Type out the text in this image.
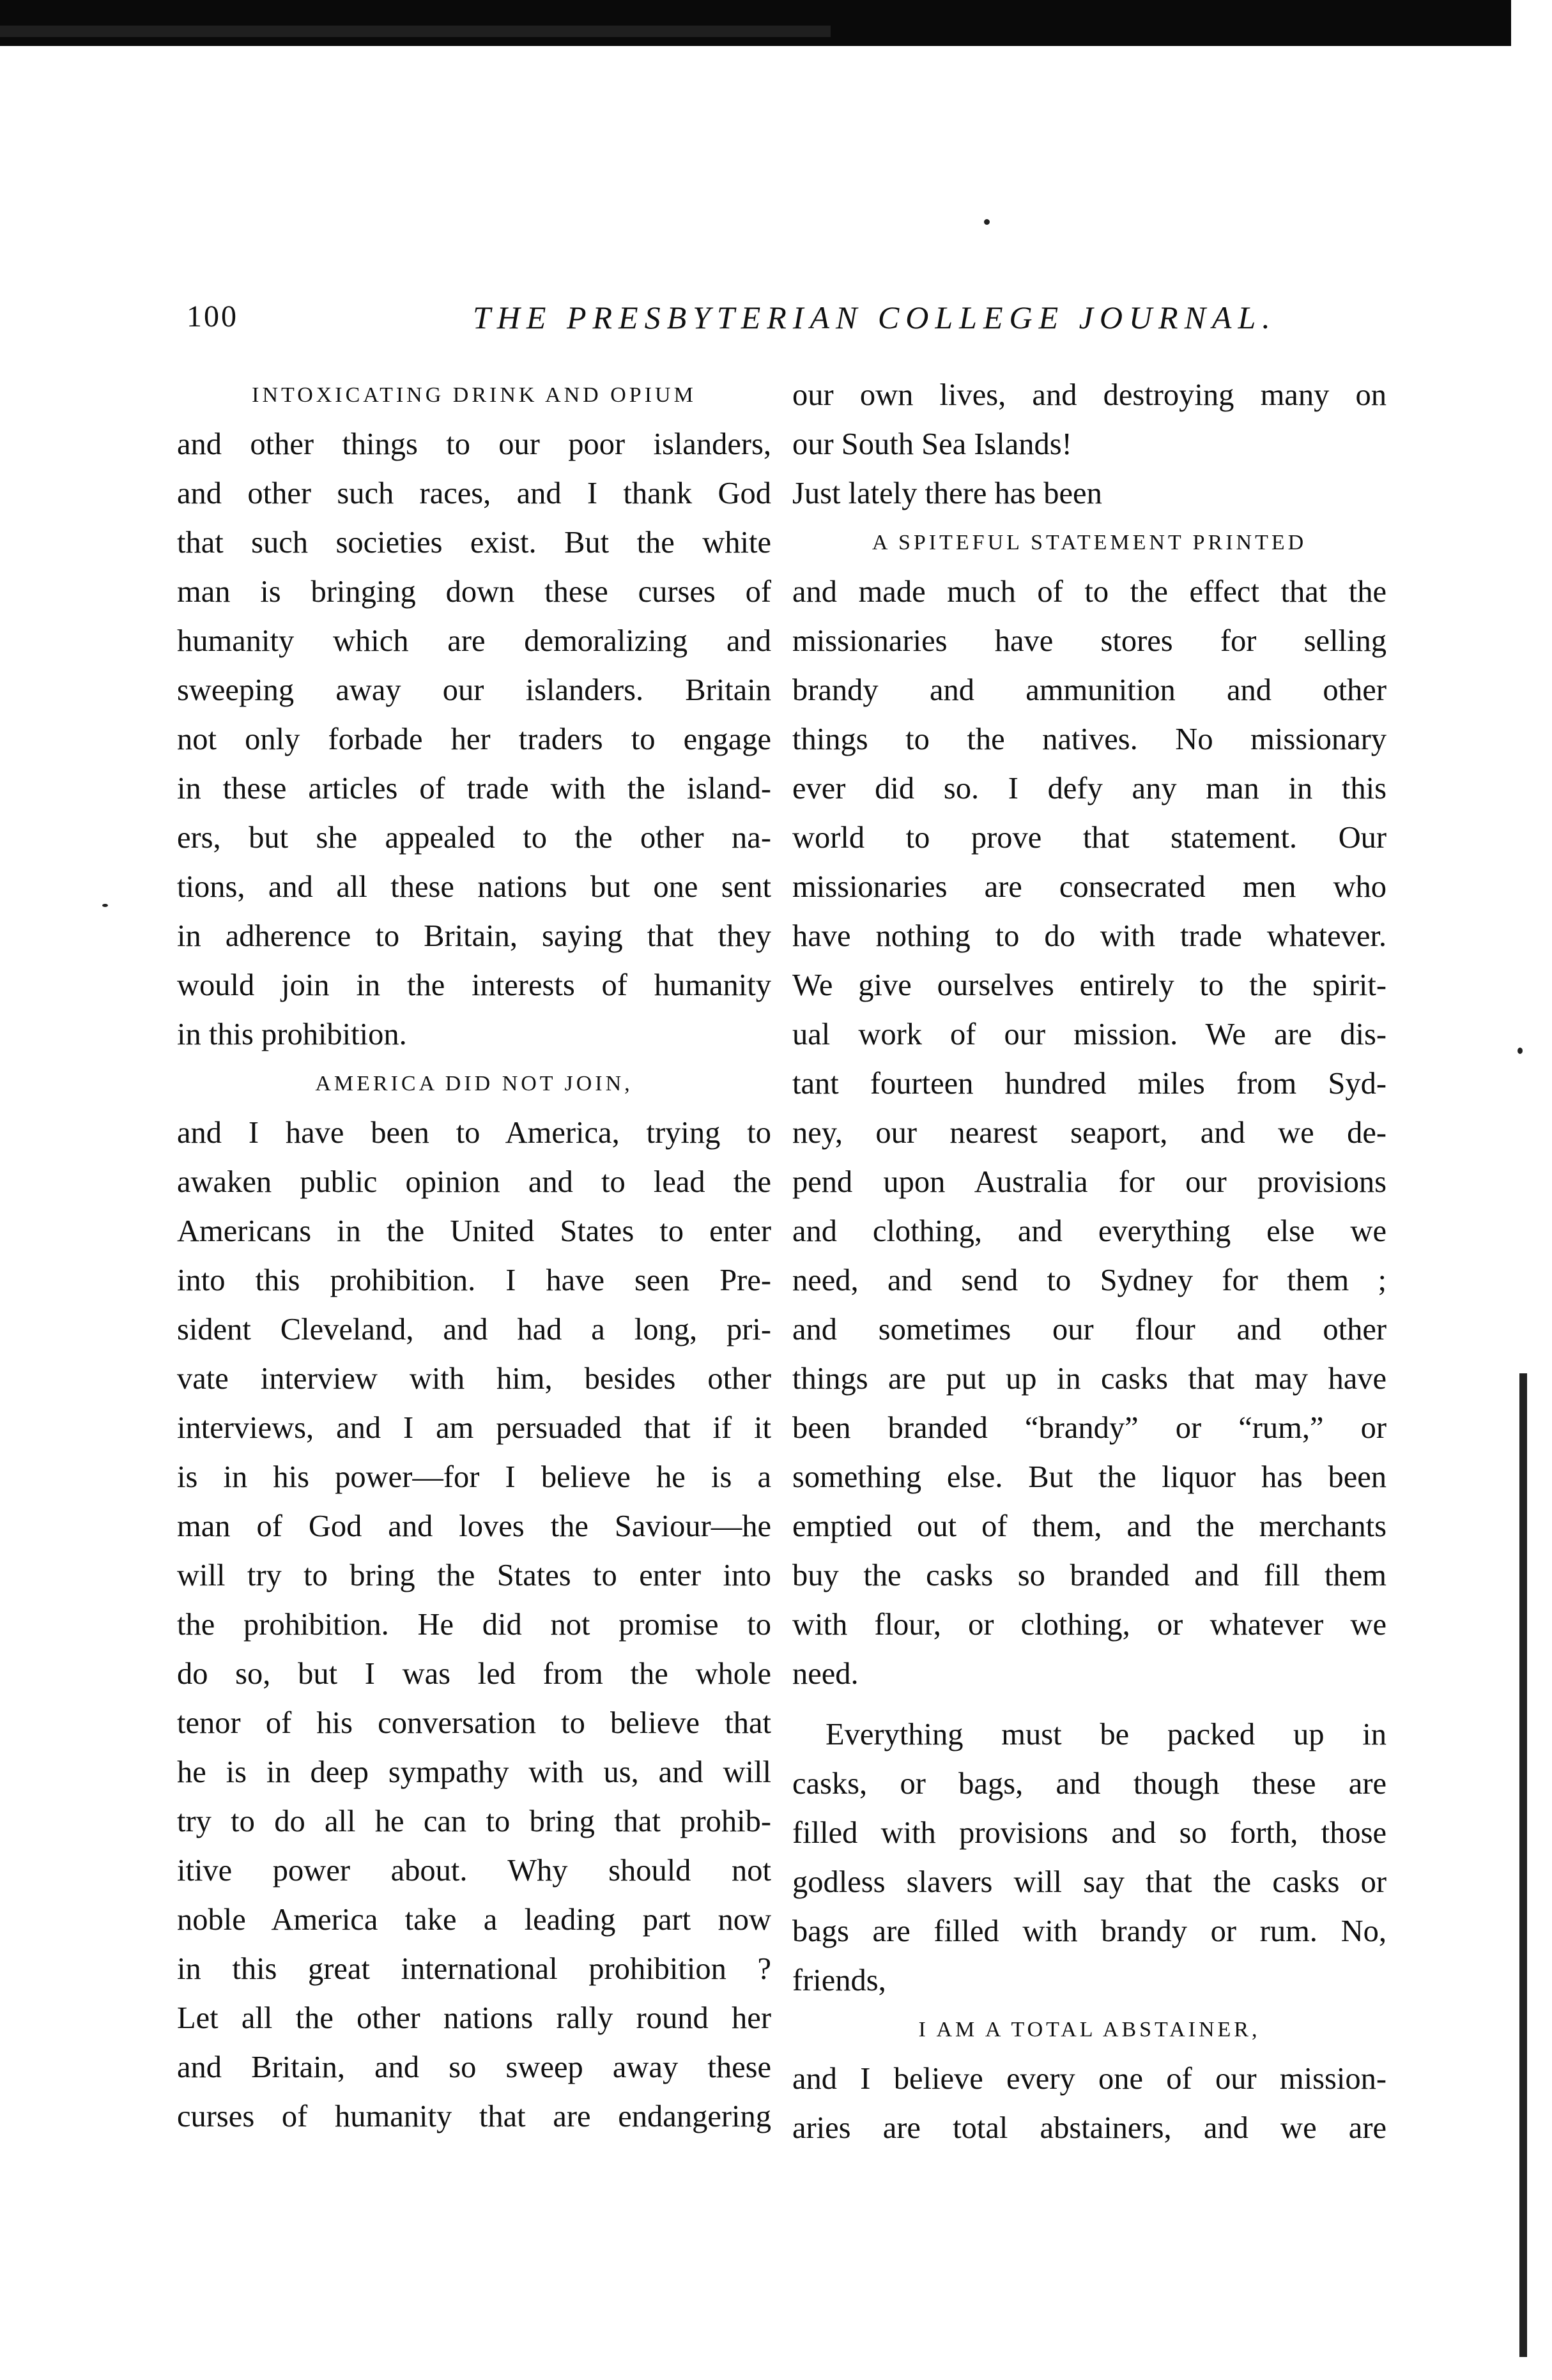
100	THE PRESBYTERIAN COLLEGE JOURNAL.
INTOXICATING DRINK AND OPIUM
and other things to our poor islanders,
and other such races, and I thank God
that such societies exist. But the white
man is bringing down these curses of
humanity which are demoralizing and
sweeping away our islanders. Britain
not only forbade her traders to engage
in these articles of trade with the island-
ers, but she appealed to the other na-
tions, and all these nations but one sent
in adherence to Britain, saying that they
would join in the interests of humanity
in this prohibition.
AMERICA DID NOT JOIN,
and I have been to America, trying to
awaken public opinion and to lead the
Americans in the United States to enter
into this prohibition. I have seen Pre-
sident Cleveland, and had a long, pri-
vate interview with him, besides other
interviews, and I am persuaded that if it
is in his power—for I believe he is a
man of God and loves the Saviour—he
will try to bring the States to enter into
the prohibition. He did not promise to
do so, but I was led from the whole
tenor of his conversation to believe that
he is in deep sympathy with us, and will
try to do all he can to bring that prohib-
itive power about. Why should not
noble America take a leading part now
in this great international prohibition ?
Let all the other nations rally round her
and Britain, and so sweep away these
curses of humanity that are endangering
our own lives, and destroying many on
our South Sea Islands!
Just lately there has been
A SPITEFUL STATEMENT PRINTED
and made much of to the effect that the
missionaries have stores for selling
brandy and ammunition and other
things to the natives. No missionary
ever did so. I defy any man in this
world to prove that statement. Our
missionaries are consecrated men who
have nothing to do with trade whatever.
We give ourselves entirely to the spirit-
ual work of our mission. We are dis-
tant fourteen hundred miles from Syd-
ney, our nearest seaport, and we de-
pend upon Australia for our provisions
and clothing, and everything else we
need, and send to Sydney for them ;
and sometimes our flour and other
things are put up in casks that may have
been branded “brandy” or “rum,” or
something else. But the liquor has been
emptied out of them, and the merchants
buy the casks so branded and fill them
with flour, or clothing, or whatever we
need.
Everything must be packed up in
casks, or bags, and though these are
filled with provisions and so forth, those
godless slavers will say that the casks or
bags are filled with brandy or rum. No,
friends,
I AM A TOTAL ABSTAINER,
and I believe every one of our mission-
aries are total abstainers, and we are
